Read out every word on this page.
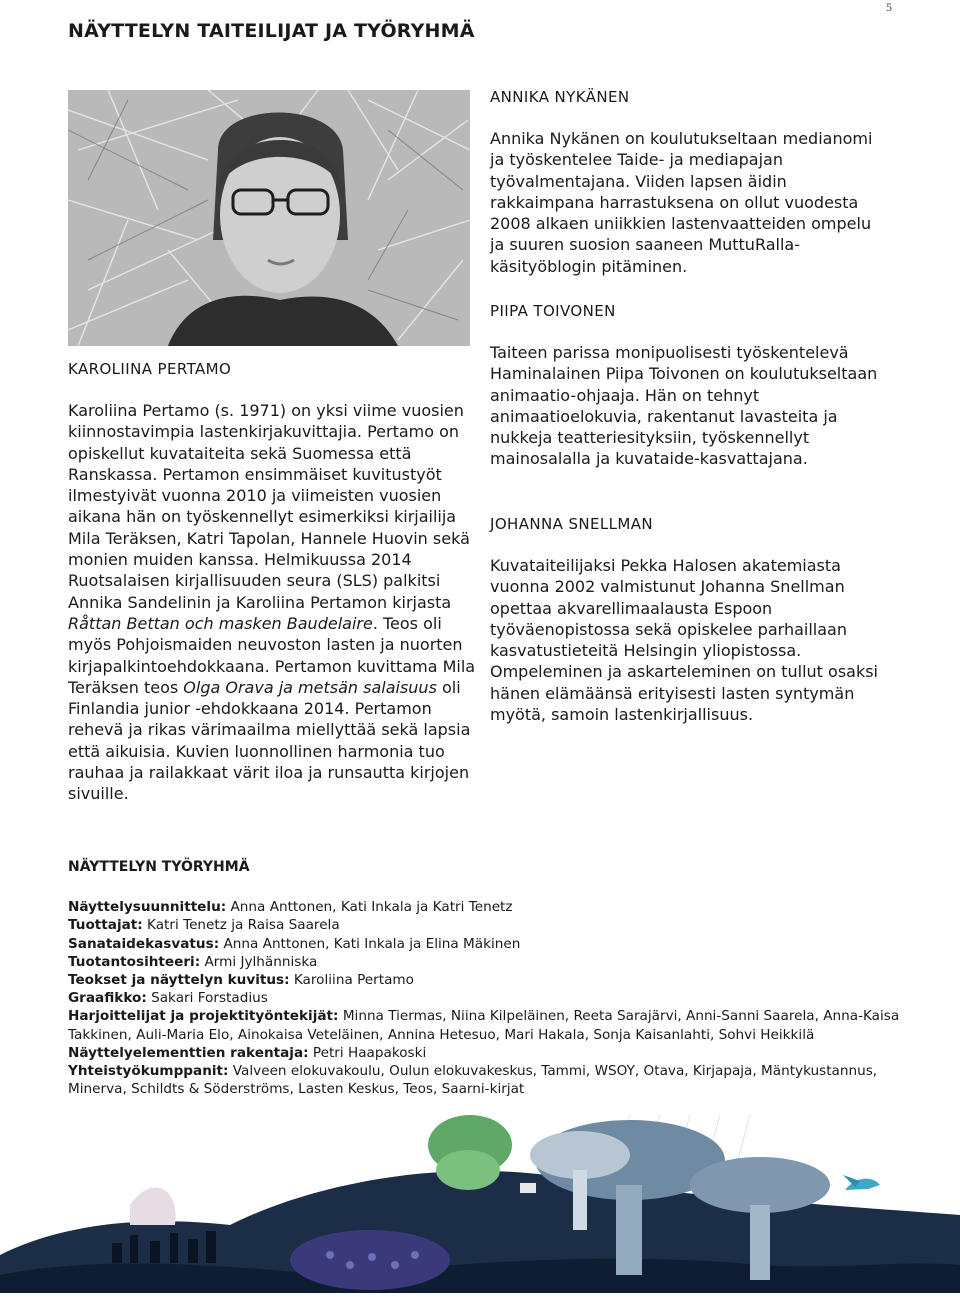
5
NÄYTTELYN TAITEILIJAT JA TYÖRYHMÄ
KAROLIINA PERTAMO

Karoliina Pertamo (s. 1971) on yksi viime vuosien kiinnostavimpia lastenkirjakuvittajia. Pertamo on opiskellut kuvataiteita sekä Suomessa että Ranskassa. Pertamon ensimmäiset kuvitustyöt ilmestyivät vuonna 2010 ja viimeisten vuosien aikana hän on työskennellyt esimerkiksi kirjailija Mila Teräksen, Katri Tapolan, Hannele Huovin sekä monien muiden kanssa. Helmikuussa 2014 Ruotsalaisen kirjallisuuden seura (SLS) palkitsi Annika Sandelinin ja Karoliina Pertamon kirjasta Råttan Bettan och masken Baudelaire. Teos oli myös Pohjoismaiden neuvoston lasten ja nuorten kirjapalkintoehdokkaana. Pertamon kuvittama Mila Teräksen teos Olga Orava ja metsän salaisuus oli Finlandia junior -ehdokkaana 2014. Pertamon rehevä ja rikas värimaailma miellyttää sekä lapsia että aikuisia. Kuvien luonnollinen harmonia tuo rauhaa ja railakkaat värit iloa ja runsautta kirjojen sivuille.

ANNIKA NYKÄNEN

Annika Nykänen on koulutukseltaan medianomi ja työskentelee Taide- ja mediapajan työvalmentajana. Viiden lapsen äidin rakkaimpana harrastuksena on ollut vuodesta 2008 alkaen uniikkien lastenvaatteiden ompelu ja suuren suosion saaneen MuttuRalla-käsityöblogin pitäminen.

PIIPA TOIVONEN

Taiteen parissa monipuolisesti työskentelevä Haminalainen Piipa Toivonen on koulutukseltaan animaatio-ohjaaja. Hän on tehnyt animaatioelokuvia, rakentanut lavasteita ja nukkeja teatteriesityksiin, työskennellyt mainosalalla ja kuvataide-kasvattajana.

JOHANNA SNELLMAN

Kuvataiteilijaksi Pekka Halosen akatemiasta vuonna 2002 valmistunut Johanna Snellman opettaa akvarellimaalausta Espoon työväenopistossa sekä opiskelee parhaillaan kasvatustieteitä Helsingin yliopistossa. Ompeleminen ja askarteleminen on tullut osaksi hänen elämäänsä erityisesti lasten syntymän myötä, samoin lastenkirjallisuus.

NÄYTTELYN TYÖRYHMÄ

Näyttelysuunnittelu: Anna Anttonen, Kati Inkala ja Katri Tenetz

Tuottajat: Katri Tenetz ja Raisa Saarela

Sanataidekasvatus: Anna Anttonen, Kati Inkala ja Elina Mäkinen

Tuotantosihteeri: Armi Jylhänniska

Teokset ja näyttelyn kuvitus: Karoliina Pertamo

Graafikko: Sakari Forstadius

Harjoittelijat ja projektityöntekijät: Minna Tiermas, Niina Kilpeläinen, Reeta Sarajärvi, Anni-Sanni Saarela, Anna-Kaisa Takkinen, Auli-Maria Elo, Ainokaisa Veteläinen, Annina Hetesuo, Mari Hakala, Sonja Kaisanlahti, Sohvi Heikkilä

Näyttelyelementtien rakentaja: Petri Haapakoski

Yhteistyökumppanit: Valveen elokuvakoulu, Oulun elokuvakeskus, Tammi, WSOY, Otava, Kirjapaja, Mäntykustannus, Minerva, Schildts & Söderströms, Lasten Keskus, Teos, Saarni-kirjat
